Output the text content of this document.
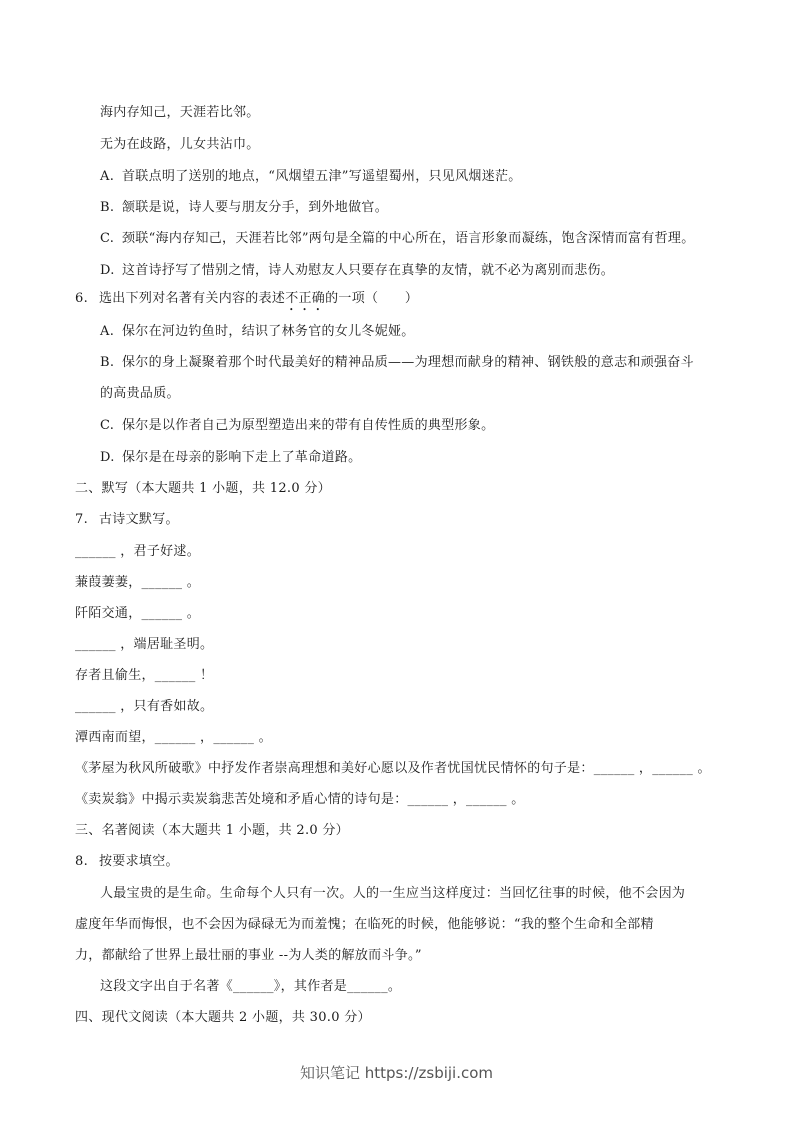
海内存知己，天涯若比邻。
无为在歧路，儿女共沾巾。
A. 首联点明了送别的地点，“风烟望五津”写遥望蜀州，只见风烟迷茫。
B. 颔联是说，诗人要与朋友分手，到外地做官。
C. 颈联“海内存知己，天涯若比邻”两句是全篇的中心所在，语言形象而凝练，饱含深情而富有哲理。
D. 这首诗抒写了惜别之情，诗人劝慰友人只要存在真挚的友情，就不必为离别而悲伤。
6. 选出下列对名著有关内容的表述不正确的一项（　　）
A. 保尔在河边钓鱼时，结识了林务官的女儿冬妮娅。
B. 保尔的身上凝聚着那个时代最美好的精神品质——为理想而献身的精神、钢铁般的意志和顽强奋斗
的高贵品质。
C. 保尔是以作者自己为原型塑造出来的带有自传性质的典型形象。
D. 保尔是在母亲的影响下走上了革命道路。
二、默写（本大题共 1 小题，共 12.0 分）
7. 古诗文默写。
______ ，君子好逑。
蒹葭萋萋，______ 。
阡陌交通，______ 。
______ ，端居耻圣明。
存者且偷生，______ ！
______ ，只有香如故。
潭西南而望，______ ，______ 。
《茅屋为秋风所破歌》中抒发作者崇高理想和美好心愿以及作者忧国忧民情怀的句子是：______ ，______ 。
《卖炭翁》中揭示卖炭翁悲苦处境和矛盾心情的诗句是：______ ，______ 。
三、名著阅读（本大题共 1 小题，共 2.0 分）
8. 按要求填空。
人最宝贵的是生命。生命每个人只有一次。人的一生应当这样度过：当回忆往事的时候，他不会因为
虚度年华而悔恨，也不会因为碌碌无为而羞愧；在临死的时候，他能够说：“我的整个生命和全部精
力，都献给了世界上最壮丽的事业 --为人类的解放而斗争。”
这段文字出自于名著《______》，其作者是______。
四、现代文阅读（本大题共 2 小题，共 30.0 分）
知识笔记 https://zsbiji.com
